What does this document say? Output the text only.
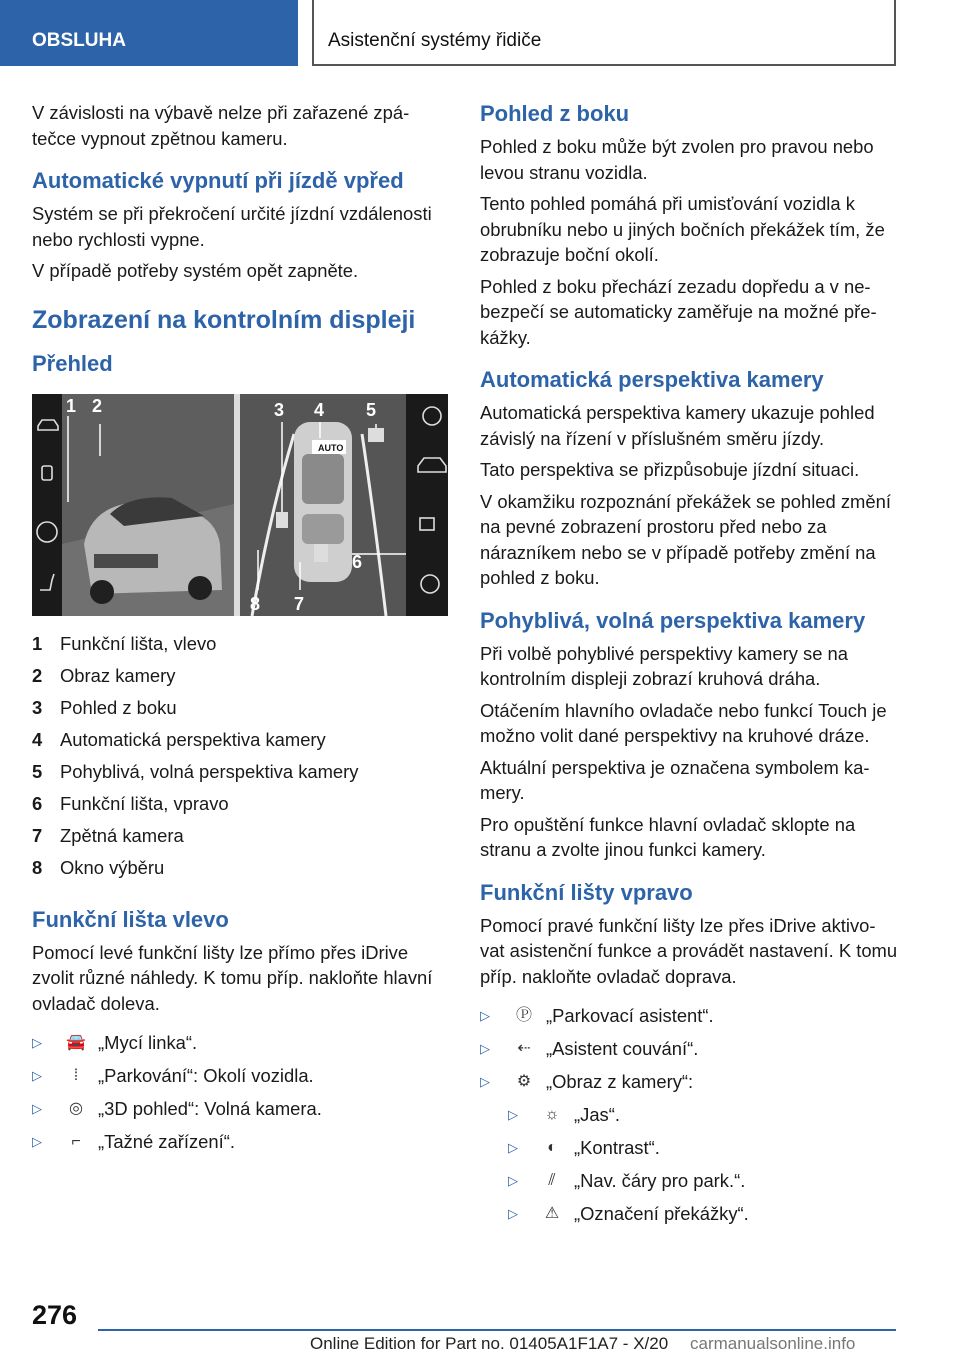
OBSLUHA	Asistenční systémy řidiče

V závislosti na výbavě nelze při zařazené zpá-tečce vypnout zpětnou kameru.

Automatické vypnutí při jízdě vpřed

Systém se při překročení určité jízdní vzdálenosti nebo rychlosti vypne.

V případě potřeby systém opět zapněte.

Zobrazení na kontrolním displeji
Přehled
1 2
AUTO
3 4 5
6
7
8
1 Funkční lišta, vlevo
2 Obraz kamery
3 Pohled z boku
4 Automatická perspektiva kamery
5 Pohyblivá, volná perspektiva kamery
6 Funkční lišta, vpravo
7 Zpětná kamera
8 Okno výběru
Funkční lišta vlevo

Pomocí levé funkční lišty lze přímo přes iDrive zvolit různé náhledy. K tomu příp. nakloňte hlavní ovladač doleva.

▷	🚘 „Mycí linka“.
▷	⁞	„Parkování“: Okolí vozidla.
▷	◎ „3D pohled“: Volná kamera.
▷	⌐ „Tažné zařízení“.
Pohled z boku

Pohled z boku může být zvolen pro pravou nebo levou stranu vozidla.

Tento pohled pomáhá při umisťování vozidla k obrubníku nebo u jiných bočních překážek tím, že zobrazuje boční okolí.

Pohled z boku přechází zezadu dopředu a v ne-bezpečí se automaticky zaměřuje na možné pře-kážky.

Automatická perspektiva kamery

Automatická perspektiva kamery ukazuje pohled závislý na řízení v příslušném směru jízdy.

Tato perspektiva se přizpůsobuje jízdní situaci.

V okamžiku rozpoznání překážek se pohled změní na pevné zobrazení prostoru před nebo za nárazníkem nebo se v případě potřeby změní na pohled z boku.

Pohyblivá, volná perspektiva kamery

Při volbě pohyblivé perspektivy kamery se na kontrolním displeji zobrazí kruhová dráha.

Otáčením hlavního ovladače nebo funkcí Touch je možno volit dané perspektivy na kruhové dráze.

Aktuální perspektiva je označena symbolem ka-mery.

Pro opuštění funkce hlavní ovladač sklopte na stranu a zvolte jinou funkci kamery.

Funkční lišty vpravo

Pomocí pravé funkční lišty lze přes iDrive aktivo-vat asistenční funkce a provádět nastavení. K tomu příp. nakloňte ovladač doprava.

▷	Ⓟ „Parkovací asistent“.
▷	⇠ „Asistent couvání“.
▷	⚙ „Obraz z kamery“:
▷	☼ „Jas“.
▷	◐ „Kontrast“.
▷	⫽	„Nav. čáry pro park.“.
▷	⚠ „Označení překážky“.
276
Online Edition for Part no. 01405A1F1A7 - X/20 carmanualsonline.info
